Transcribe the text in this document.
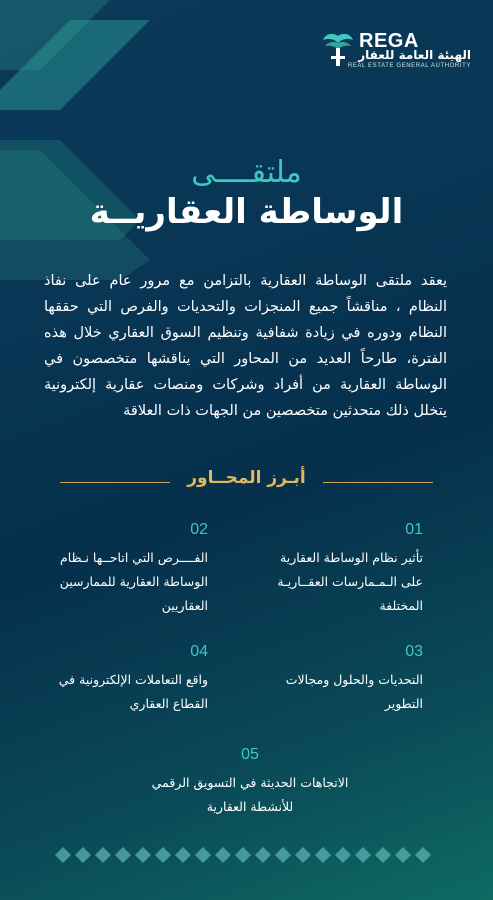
REGA
الهيئة العامة للعقار
REAL ESTATE GENERAL AUTHORITY
ملتقــــى
الوساطة العقاريــة
يعقد ملتقى الوساطة العقارية بالتزامن مع مرور عام على نفاذ النظام ، مناقشاً جميع المنجزات والتحديات والفرص التي حققها النظام ودوره في زيادة شفافية وتنظيم السوق العقاري خلال هذه الفترة، طارحاً العديد من المحاور التي يناقشها متخصصون في الوساطة العقارية من أفراد وشركات ومنصات عقارية إلكترونية يتخلل ذلك متحدثين متخصصين من الجهات ذات العلاقة
أبـرز المحــاور
01
تأثير نظام الوساطة العقارية على الـمـمارسات العقــاريـة المختلفة
02
الفــــرص التي اتاحــها نـظام الوساطة العقارية للممارسين العقاريين
03
التحديات والحلول ومجالات التطوير
04
واقع التعاملات الإلكترونية في القطاع العقاري
05
الاتجاهات الحديثة في التسويق الرقمي للأنشطة العقارية
